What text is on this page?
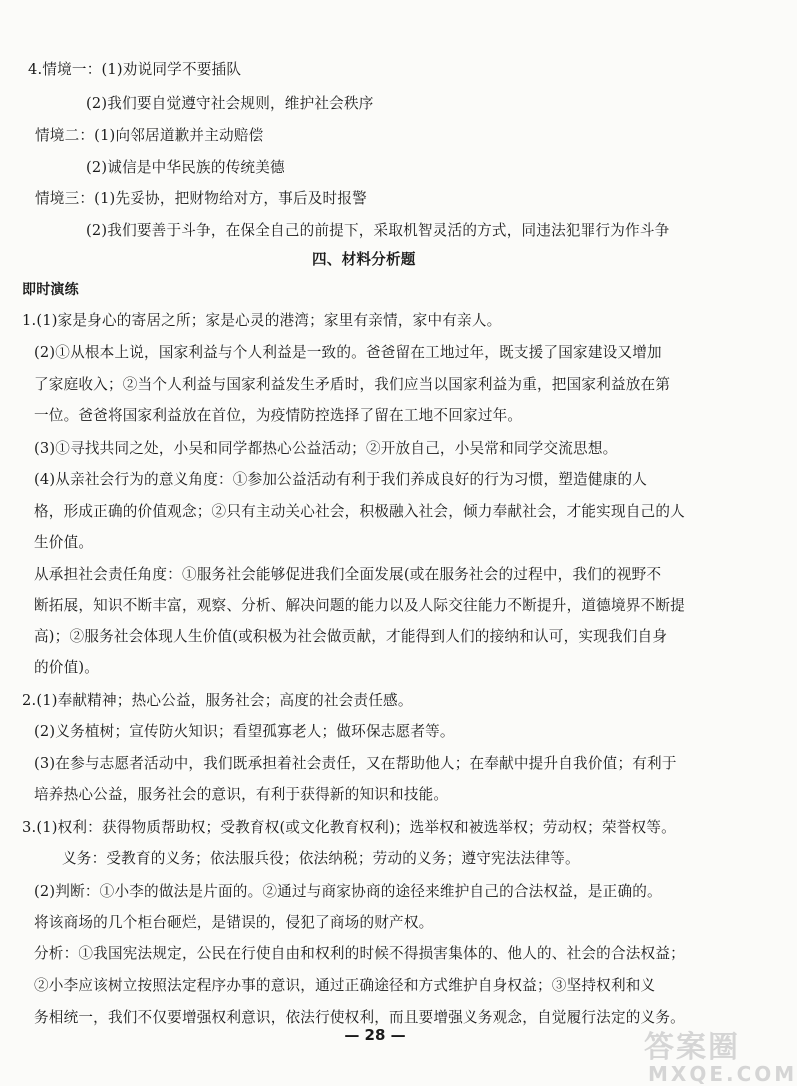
4.情境一：(1)劝说同学不要插队
(2)我们要自觉遵守社会规则，维护社会秩序
情境二：(1)向邻居道歉并主动赔偿
(2)诚信是中华民族的传统美德
情境三：(1)先妥协，把财物给对方，事后及时报警
(2)我们要善于斗争，在保全自己的前提下，采取机智灵活的方式，同违法犯罪行为作斗争
四、材料分析题
即时演练
1.(1)家是身心的寄居之所；家是心灵的港湾；家里有亲情，家中有亲人。
(2)①从根本上说，国家利益与个人利益是一致的。爸爸留在工地过年，既支援了国家建设又增加
了家庭收入；②当个人利益与国家利益发生矛盾时，我们应当以国家利益为重，把国家利益放在第
一位。爸爸将国家利益放在首位，为疫情防控选择了留在工地不回家过年。
(3)①寻找共同之处，小吴和同学都热心公益活动；②开放自己，小吴常和同学交流思想。
(4)从亲社会行为的意义角度：①参加公益活动有利于我们养成良好的行为习惯，塑造健康的人
格，形成正确的价值观念；②只有主动关心社会，积极融入社会，倾力奉献社会，才能实现自己的人
生价值。
从承担社会责任角度：①服务社会能够促进我们全面发展(或在服务社会的过程中，我们的视野不
断拓展，知识不断丰富，观察、分析、解决问题的能力以及人际交往能力不断提升，道德境界不断提
高)；②服务社会体现人生价值(或积极为社会做贡献，才能得到人们的接纳和认可，实现我们自身
的价值)。
2.(1)奉献精神；热心公益，服务社会；高度的社会责任感。
(2)义务植树；宣传防火知识；看望孤寡老人；做环保志愿者等。
(3)在参与志愿者活动中，我们既承担着社会责任，又在帮助他人；在奉献中提升自我价值；有利于
培养热心公益，服务社会的意识，有利于获得新的知识和技能。
3.(1)权利：获得物质帮助权；受教育权(或文化教育权利)；选举权和被选举权；劳动权；荣誉权等。
义务：受教育的义务；依法服兵役；依法纳税；劳动的义务；遵守宪法法律等。
(2)判断：①小李的做法是片面的。②通过与商家协商的途径来维护自己的合法权益，是正确的。
将该商场的几个柜台砸烂，是错误的，侵犯了商场的财产权。
分析：①我国宪法规定，公民在行使自由和权利的时候不得损害集体的、他人的、社会的合法权益；
②小李应该树立按照法定程序办事的意识，通过正确途径和方式维护自身权益；③坚持权利和义
务相统一，我们不仅要增强权利意识，依法行使权利，而且要增强义务观念，自觉履行法定的义务。
— 28 —	答案圈
MXQE.COM
